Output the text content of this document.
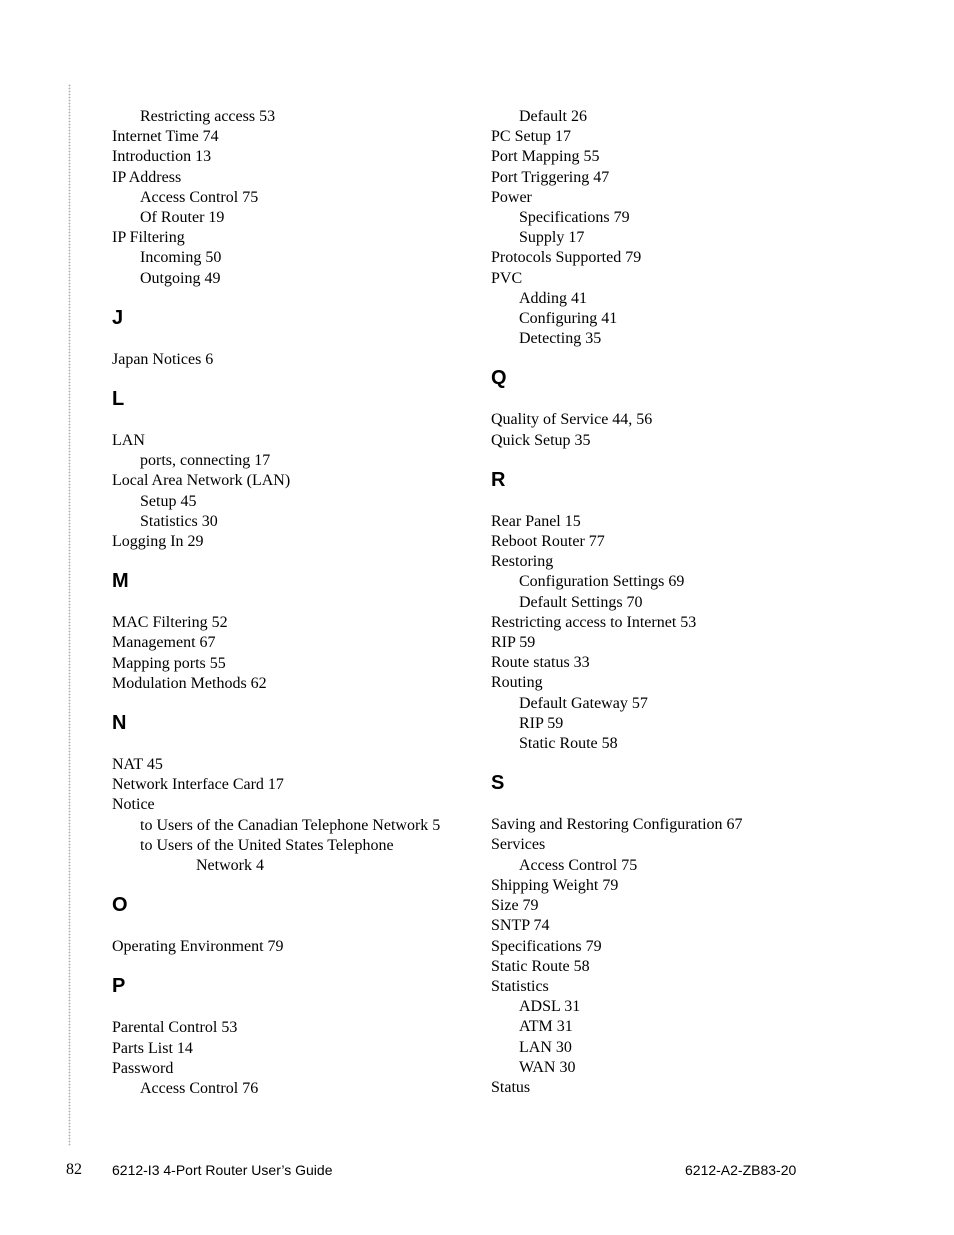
Restricting access 53
Internet Time 74
Introduction 13
IP Address
Access Control 75
Of Router 19
IP Filtering
Incoming 50
Outgoing 49
J
Japan Notices 6
L
LAN
ports, connecting 17
Local Area Network (LAN)
Setup 45
Statistics 30
Logging In 29
M
MAC Filtering 52
Management 67
Mapping ports 55
Modulation Methods 62
N
NAT 45
Network Interface Card 17
Notice
to Users of the Canadian Telephone Network 5
to Users of the United States Telephone
Network 4
O
Operating Environment 79
P
Parental Control 53
Parts List 14
Password
Access Control 76
Default 26
PC Setup 17
Port Mapping 55
Port Triggering 47
Power
Specifications 79
Supply 17
Protocols Supported 79
PVC
Adding 41
Configuring 41
Detecting 35
Q
Quality of Service 44, 56
Quick Setup 35
R
Rear Panel 15
Reboot Router 77
Restoring
Configuration Settings 69
Default Settings 70
Restricting access to Internet 53
RIP 59
Route status 33
Routing
Default Gateway 57
RIP 59
Static Route 58
S
Saving and Restoring Configuration 67
Services
Access Control 75
Shipping Weight 79
Size 79
SNTP 74
Specifications 79
Static Route 58
Statistics
ADSL 31
ATM 31
LAN 30
WAN 30
Status
82 6212-I3 4-Port Router User’s Guide	6212-A2-ZB83-20
